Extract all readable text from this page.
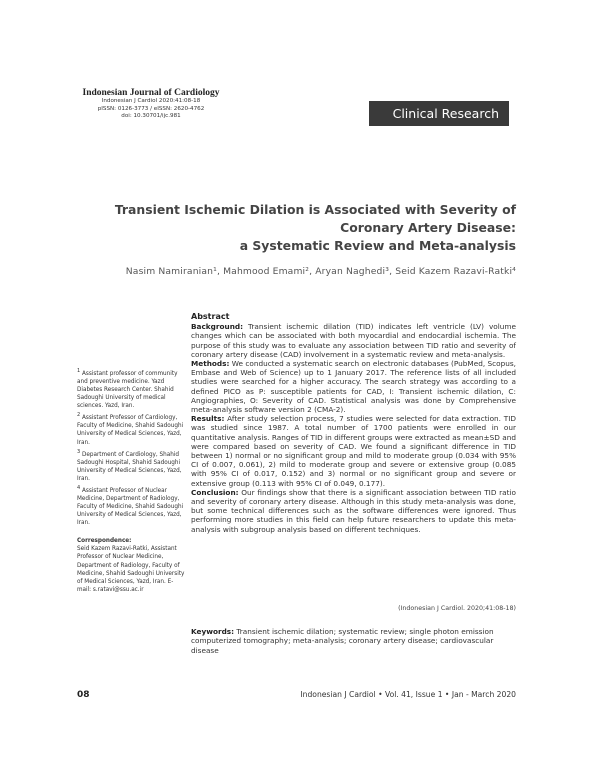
Indonesian Journal of Cardiology
Indonesian J Cardiol 2020:41:08-18
pISSN: 0126-3773 / eISSN: 2620-4762
doi: 10.30701/ijc.981	Clinical Research
Transient Ischemic Dilation is Associated with Severity of
Coronary Artery Disease:
a Systematic Review and Meta-analysis
Nasim Namiranian¹, Mahmood Emami², Aryan Naghedi³, Seid Kazem Razavi-Ratki⁴
$^1$ Assistant professor of community and preventive medicine. Yazd Diabetes Research Center. Shahid Sadoughi University of medical sciences. Yazd, Iran.
$^2$ Assistant Professor of Cardiology, Faculty of Medicine, Shahid Sadoughi University of Medical Sciences, Yazd, Iran.
$^3$ Department of Cardiology, Shahid Sadoughi Hospital, Shahid Sadoughi University of Medical Sciences, Yazd, Iran.
$^4$ Assistant Professor of Nuclear Medicine, Department of Radiology, Faculty of Medicine, Shahid Sadoughi University of Medical Sciences, Yazd, Iran.
Correspondence:
Seid Kazem Razavi-Ratki, Assistant Professor of Nuclear Medicine, Department of Radiology, Faculty of Medicine, Shahid Sadoughi University of Medical Sciences, Yazd, Iran. E-mail: s.ratavi@ssu.ac.ir
Abstract

Background: Transient ischemic dilation (TID) indicates left ventricle (LV) volume changes which can be associated with both myocardial and endocardial ischemia. The purpose of this study was to evaluate any association between TID ratio and severity of coronary artery disease (CAD) involvement in a systematic review and meta-analysis.

Methods: We conducted a systematic search on electronic databases (PubMed, Scopus, Embase and Web of Science) up to 1 January 2017. The reference lists of all included studies were searched for a higher accuracy. The search strategy was according to a defined PICO as P: susceptible patients for CAD, I: Transient ischemic dilation, C: Angiographies, O: Severity of CAD. Statistical analysis was done by Comprehensive meta-analysis software version 2 (CMA-2).

Results: After study selection process, 7 studies were selected for data extraction. TID was studied since 1987. A total number of 1700 patients were enrolled in our quantitative analysis. Ranges of TID in different groups were extracted as mean±SD and were compared based on severity of CAD. We found a significant difference in TID between 1) normal or no significant group and mild to moderate group (0.034 with 95% CI of 0.007, 0.061), 2) mild to moderate group and severe or extensive group (0.085 with 95% CI of 0.017, 0.152) and 3) normal or no significant group and severe or extensive group (0.113 with 95% CI of 0.049, 0.177).

Conclusion: Our findings show that there is a significant association between TID ratio and severity of coronary artery disease. Although in this study meta-analysis was done, but some technical differences such as the software differences were ignored. Thus performing more studies in this field can help future researchers to update this meta-analysis with subgroup analysis based on different techniques.

(Indonesian J Cardiol. 2020;41:08-18)
Keywords: Transient ischemic dilation; systematic review; single photon emission computerized tomography; meta-analysis; coronary artery disease; cardiovascular disease
08	Indonesian J Cardiol • Vol. 41, Issue 1 • Jan - March 2020
